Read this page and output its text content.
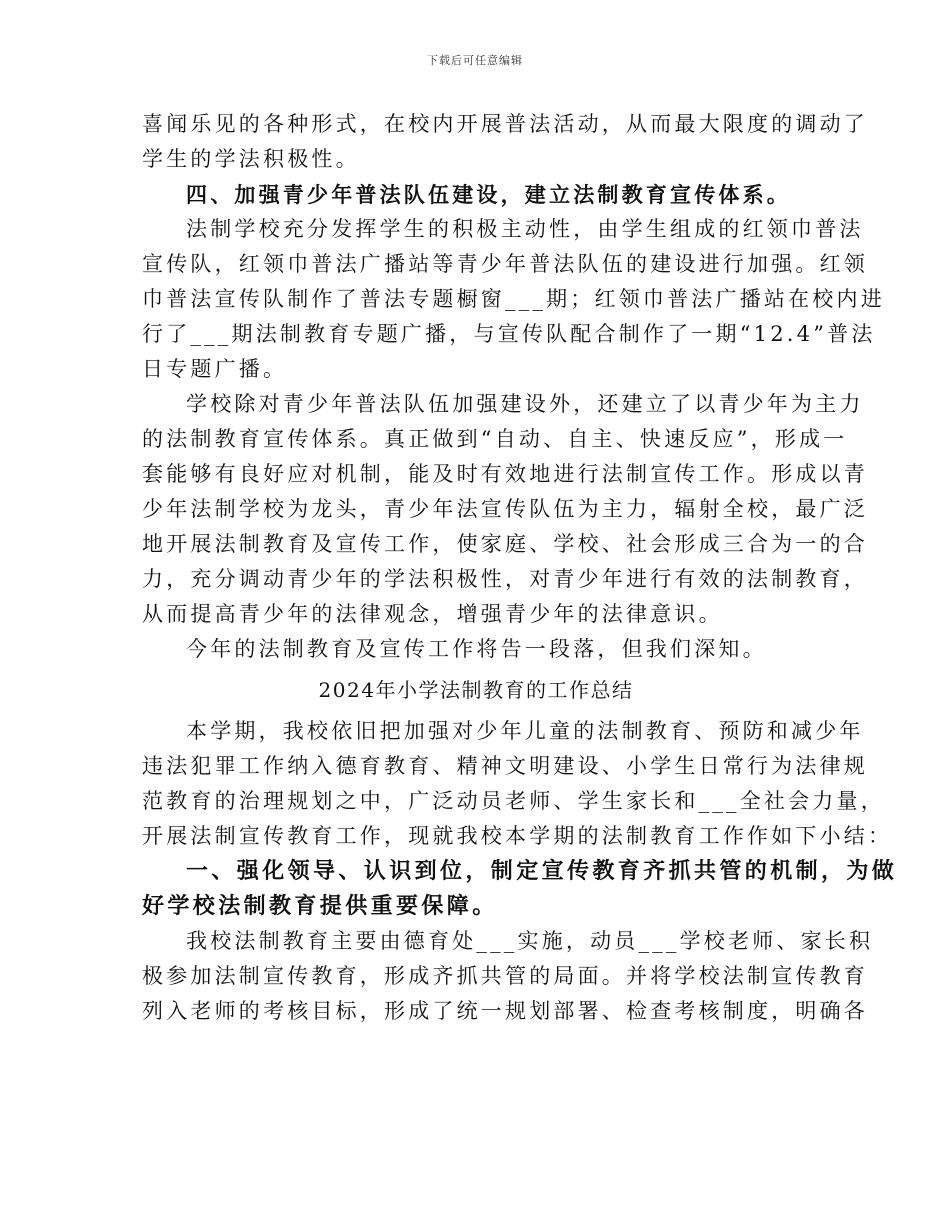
下载后可任意编辑
喜闻乐见的各种形式，在校内开展普法活动，从而最大限度的调动了
学生的学法积极性。
四、加强青少年普法队伍建设，建立法制教育宣传体系。
法制学校充分发挥学生的积极主动性，由学生组成的红领巾普法
宣传队，红领巾普法广播站等青少年普法队伍的建设进行加强。红领
巾普法宣传队制作了普法专题橱窗___期；红领巾普法广播站在校内进
行了___期法制教育专题广播，与宣传队配合制作了一期“12.4”普法
日专题广播。
学校除对青少年普法队伍加强建设外，还建立了以青少年为主力
的法制教育宣传体系。真正做到“自动、自主、快速反应”，形成一
套能够有良好应对机制，能及时有效地进行法制宣传工作。形成以青
少年法制学校为龙头，青少年法宣传队伍为主力，辐射全校，最广泛
地开展法制教育及宣传工作，使家庭、学校、社会形成三合为一的合
力，充分调动青少年的学法积极性，对青少年进行有效的法制教育，
从而提高青少年的法律观念，增强青少年的法律意识。
今年的法制教育及宣传工作将告一段落，但我们深知。
2024年小学法制教育的工作总结
本学期，我校依旧把加强对少年儿童的法制教育、预防和减少年
违法犯罪工作纳入德育教育、精神文明建设、小学生日常行为法律规
范教育的治理规划之中，广泛动员老师、学生家长和___全社会力量，
开展法制宣传教育工作，现就我校本学期的法制教育工作作如下小结：
一、强化领导、认识到位，制定宣传教育齐抓共管的机制，为做
好学校法制教育提供重要保障。
我校法制教育主要由德育处___实施，动员___学校老师、家长积
极参加法制宣传教育，形成齐抓共管的局面。并将学校法制宣传教育
列入老师的考核目标，形成了统一规划部署、检查考核制度，明确各
